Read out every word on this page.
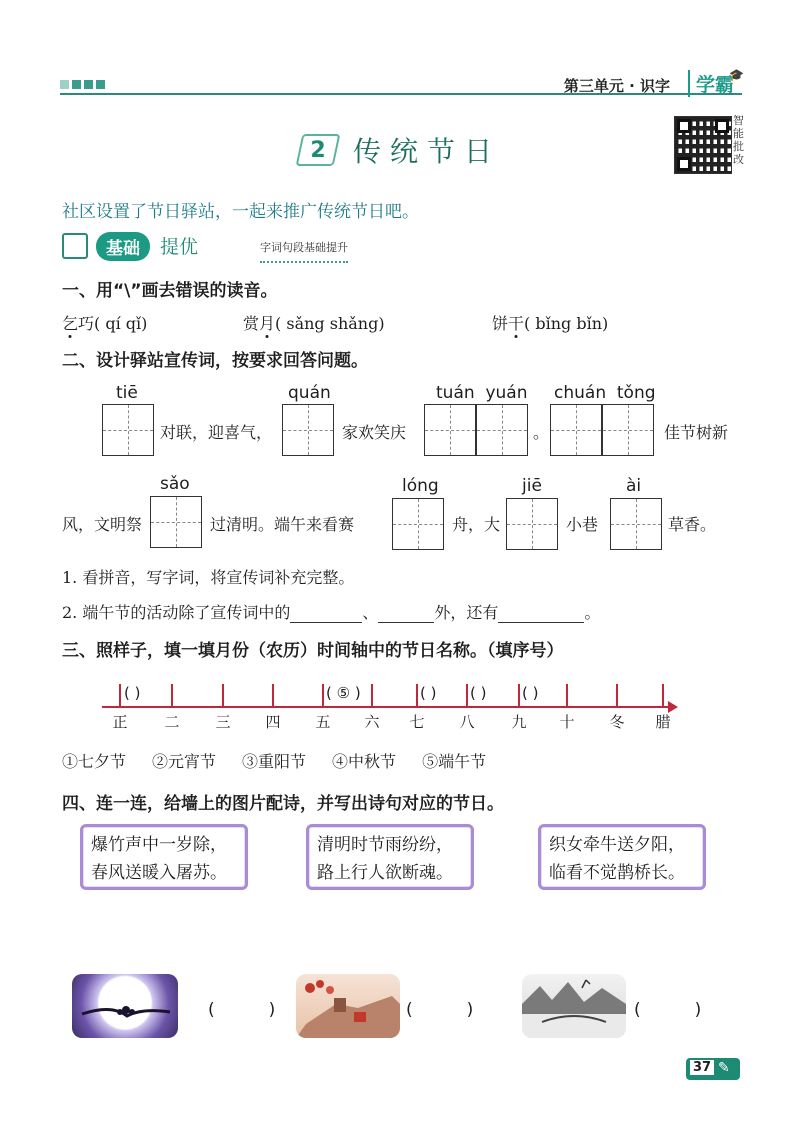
第三单元 · 识字	学霸
🎓
2 传统节日
智能批改
社区设置了节日驿站，一起来推广传统节日吧。
基础	提优	字词句段基础提升
一、用“\”画去错误的读音。
乞巧( qí qǐ)	赏月( sǎng shǎng)	饼干( bǐng bǐn)
二、设计驿站宣传词，按要求回答问题。
tiē	quán	tuán  yuán chuán  tǒng
对联，迎喜气，	家欢笑庆	。	佳节树新
sǎo	lóng	jiē	ài
风，文明祭	过清明。端午来看赛	舟，大	小巷	草香。
1. 看拼音，写字词，将宣传词补充完整。
2. 端午节的活动除了宣传词中的	、	外，还有	。
三、照样子，填一填月份（农历）时间轴中的节日名称。（填序号）
( )	( ⑤ )	( ) ( ) ( )
正 二 三 四 五 六 七 八 九 十 冬 腊
①七夕节 ②元宵节 ③重阳节 ④中秋节 ⑤端午节
四、连一连，给墙上的图片配诗，并写出诗句对应的节日。
爆竹声中一岁除，
春风送暖入屠苏。
清明时节雨纷纷，
路上行人欲断魂。
织女牵牛送夕阳，
临看不觉鹊桥长。
(          )	(          )	(          )
37 ✎
